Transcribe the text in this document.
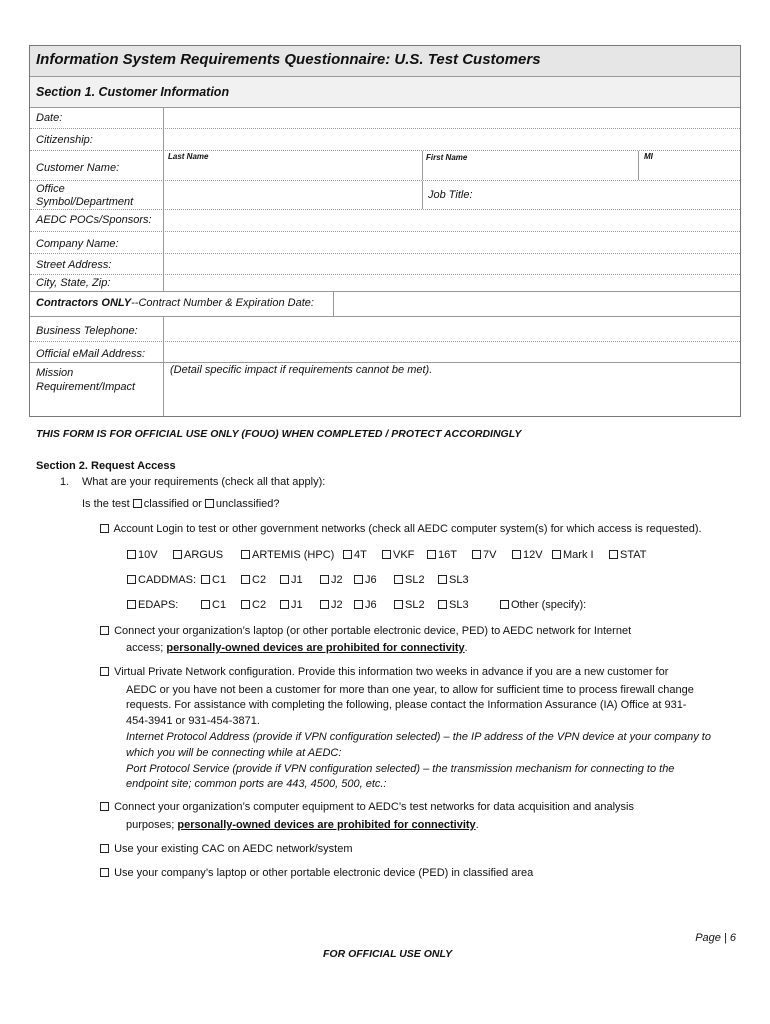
Information System Requirements Questionnaire: U.S. Test Customers
Section 1. Customer Information
Date:
Citizenship:
Customer Name:
Last Name	First Name	MI
Office Symbol/Department
Job Title:
AEDC POCs/Sponsors:
Company Name:
Street Address:
City, State, Zip:
Contractors ONLY--Contract Number & Expiration Date:
Business Telephone:
Official eMail Address:
Mission Requirement/Impact
(Detail specific impact if requirements cannot be met).
THIS FORM IS FOR OFFICIAL USE ONLY (FOUO) WHEN COMPLETED / PROTECT ACCORDINGLY
Section 2. Request Access
1. What are your requirements (check all that apply):
Is the test classified or unclassified?
Account Login to test or other government networks (check all AEDC computer system(s) for which access is requested).
10V	ARGUS	ARTEMIS (HPC)	4T	VKF	16T	7V	12V	Mark I	STAT
CADDMAS:	C1	C2	J1	J2	J6	SL2	SL3
EDAPS:	C1	C2	J1	J2	J6	SL2	SL3	Other (specify):
Connect your organization’s laptop (or other portable electronic device, PED) to AEDC network for Internet
access; personally-owned devices are prohibited for connectivity.
Virtual Private Network configuration. Provide this information two weeks in advance if you are a new customer for
AEDC or you have not been a customer for more than one year, to allow for sufficient time to process firewall change
requests. For assistance with completing the following, please contact the Information Assurance (IA) Office at 931-
454-3941 or 931-454-3871.
Internet Protocol Address (provide if VPN configuration selected) – the IP address of the VPN device at your company to
which you will be connecting while at AEDC:
Port Protocol Service (provide if VPN configuration selected) – the transmission mechanism for connecting to the
endpoint site; common ports are 443, 4500, 500, etc.:
Connect your organization’s computer equipment to AEDC’s test networks for data acquisition and analysis
purposes; personally-owned devices are prohibited for connectivity.
Use your existing CAC on AEDC network/system
Use your company’s laptop or other portable electronic device (PED) in classified area
Page | 6
FOR OFFICIAL USE ONLY
